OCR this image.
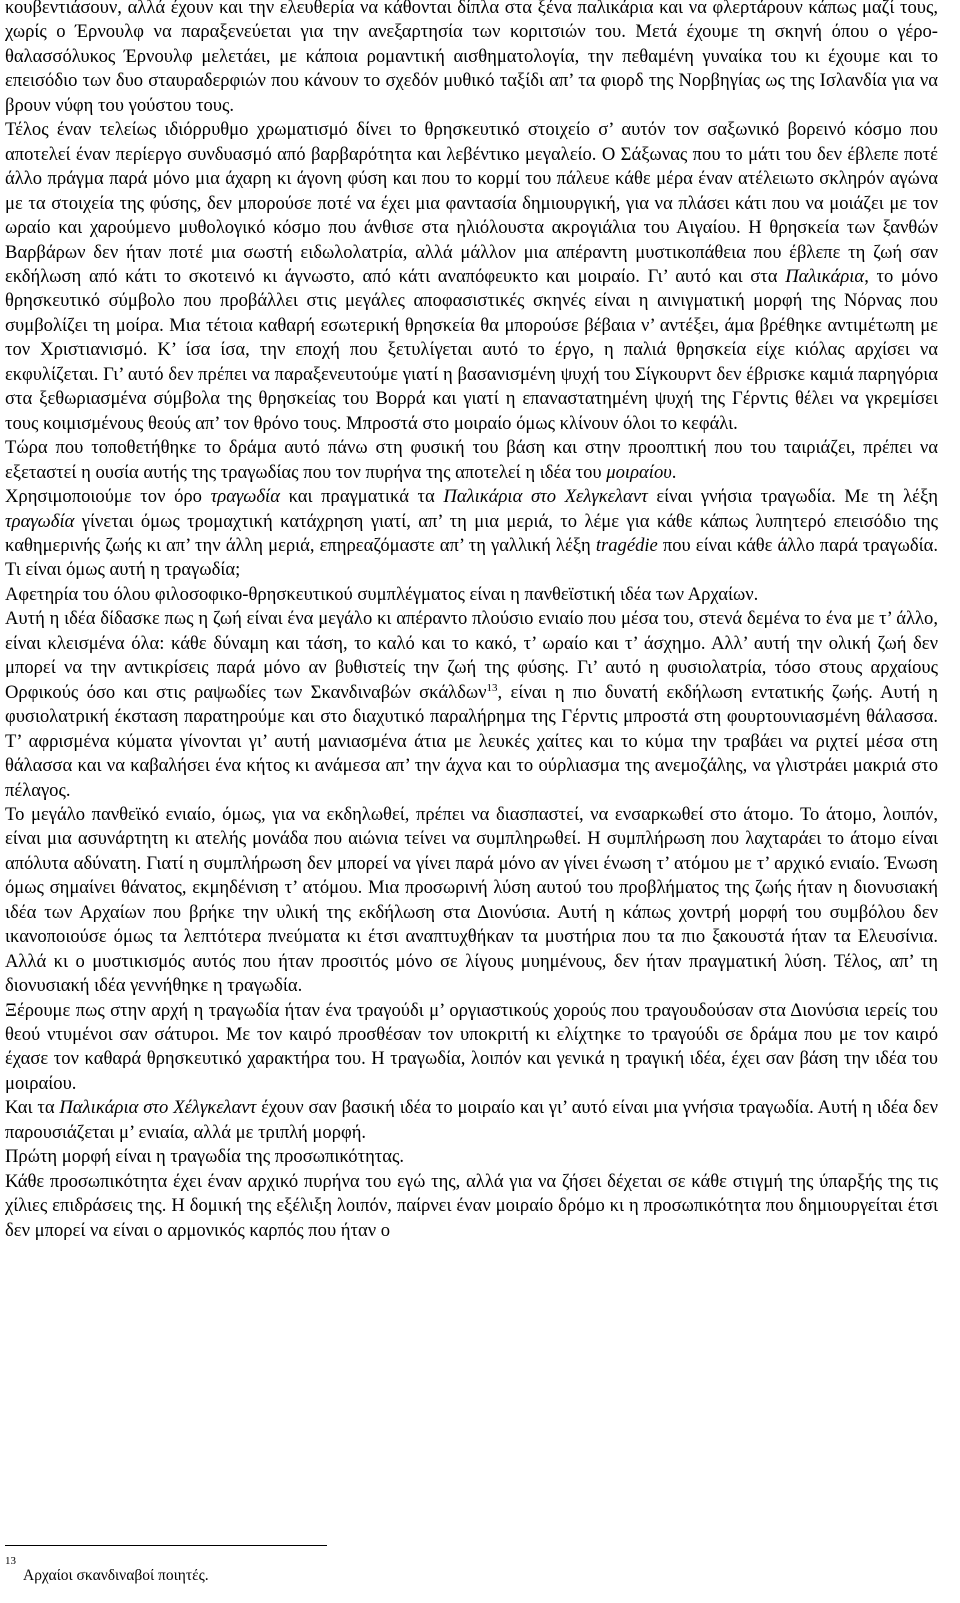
κουβεντιάσουν, αλλά έχουν και την ελευθερία να κάθονται δίπλα στα ξένα παλικάρια και να φλερτάρουν κάπως μαζί τους, χωρίς ο Έρνουλφ να παραξενεύεται για την ανεξαρτησία των κοριτσιών του. Μετά έχουμε τη σκηνή όπου ο γέρο-θαλασσόλυκος Έρνουλφ μελετάει, με κάποια ρομαντική αισθηματολογία, την πεθαμένη γυναίκα του κι έχουμε και το επεισόδιο των δυο σταυραδερφιών που κάνουν το σχεδόν μυθικό ταξίδι απ’ τα φιορδ της Νορβηγίας ως της Ισλανδία για να βρουν νύφη του γούστου τους.

Τέλος έναν τελείως ιδιόρρυθμο χρωματισμό δίνει το θρησκευτικό στοιχείο σ’ αυτόν τον σαξωνικό βορεινό κόσμο που αποτελεί έναν περίεργο συνδυασμό από βαρβαρότητα και λεβέντικο μεγαλείο. Ο Σάξωνας που το μάτι του δεν έβλεπε ποτέ άλλο πράγμα παρά μόνο μια άχαρη κι άγονη φύση και που το κορμί του πάλευε κάθε μέρα έναν ατέλειωτο σκληρόν αγώνα με τα στοιχεία της φύσης, δεν μπορούσε ποτέ να έχει μια φαντασία δημιουργική, για να πλάσει κάτι που να μοιάζει με τον ωραίο και χαρούμενο μυθολογικό κόσμο που άνθισε στα ηλιόλουστα ακρογιάλια του Αιγαίου. Η θρησκεία των ξανθών Βαρβάρων δεν ήταν ποτέ μια σωστή ειδωλολατρία, αλλά μάλλον μια απέραντη μυστικοπάθεια που έβλεπε τη ζωή σαν εκδήλωση από κάτι το σκοτεινό κι άγνωστο, από κάτι αναπόφευκτο και μοιραίο. Γι’ αυτό και στα Παλικάρια, το μόνο θρησκευτικό σύμβολο που προβάλλει στις μεγάλες αποφασιστικές σκηνές είναι η αινιγματική μορφή της Νόρνας που συμβολίζει τη μοίρα. Μια τέτοια καθαρή εσωτερική θρησκεία θα μπορούσε βέβαια ν’ αντέξει, άμα βρέθηκε αντιμέτωπη με τον Χριστιανισμό. Κ’ ίσα ίσα, την εποχή που ξετυλίγεται αυτό το έργο, η παλιά θρησκεία είχε κιόλας αρχίσει να εκφυλίζεται. Γι’ αυτό δεν πρέπει να παραξενευτούμε γιατί η βασανισμένη ψυχή του Σίγκουρντ δεν έβρισκε καμιά παρηγόρια στα ξεθωριασμένα σύμβολα της θρησκείας του Βορρά και γιατί η επαναστατημένη ψυχή της Γέρντις θέλει να γκρεμίσει τους κοιμισμένους θεούς απ’ τον θρόνο τους. Μπροστά στο μοιραίο όμως κλίνουν όλοι το κεφάλι.

Τώρα που τοποθετήθηκε το δράμα αυτό πάνω στη φυσική του βάση και στην προοπτική που του ταιριάζει, πρέπει να εξεταστεί η ουσία αυτής της τραγωδίας που τον πυρήνα της αποτελεί η ιδέα του μοιραίου.

Χρησιμοποιούμε τον όρο τραγωδία και πραγματικά τα Παλικάρια στο Χελγκελαντ είναι γνήσια τραγωδία. Με τη λέξη τραγωδία γίνεται όμως τρομαχτική κατάχρηση γιατί, απ’ τη μια μεριά, το λέμε για κάθε κάπως λυπητερό επεισόδιο της καθημερινής ζωής κι απ’ την άλλη μεριά, επηρεαζόμαστε απ’ τη γαλλική λέξη tragédie που είναι κάθε άλλο παρά τραγωδία. Τι είναι όμως αυτή η τραγωδία;

Αφετηρία του όλου φιλοσοφικο-θρησκευτικού συμπλέγματος είναι η πανθεϊστική ιδέα των Αρχαίων.

Αυτή η ιδέα δίδασκε πως η ζωή είναι ένα μεγάλο κι απέραντο πλούσιο ενιαίο που μέσα του, στενά δεμένα το ένα με τ’ άλλο, είναι κλεισμένα όλα: κάθε δύναμη και τάση, το καλό και το κακό, τ’ ωραίο και τ’ άσχημο. Αλλ’ αυτή την ολική ζωή δεν μπορεί να την αντικρίσεις παρά μόνο αν βυθιστείς την ζωή της φύσης. Γι’ αυτό η φυσιολατρία, τόσο στους αρχαίους Ορφικούς όσο και στις ραψωδίες των Σκανδιναβών σκάλδων$^{13}$, είναι η πιο δυνατή εκδήλωση εντατικής ζωής. Αυτή η φυσιολατρική έκσταση παρατηρούμε και στο διαχυτικό παραλήρημα της Γέρντις μπροστά στη φουρτουνιασμένη θάλασσα. Τ’ αφρισμένα κύματα γίνονται γι’ αυτή μανιασμένα άτια με λευκές χαίτες και το κύμα την τραβάει να ριχτεί μέσα στη θάλασσα και να καβαλήσει ένα κήτος κι ανάμεσα απ’ την άχνα και το ούρλιασμα της ανεμοζάλης, να γλιστράει μακριά στο πέλαγος.

Το μεγάλο πανθεϊκό ενιαίο, όμως, για να εκδηλωθεί, πρέπει να διασπαστεί, να ενσαρκωθεί στο άτομο. Το άτομο, λοιπόν, είναι μια ασυνάρτητη κι ατελής μονάδα που αιώνια τείνει να συμπληρωθεί. Η συμπλήρωση που λαχταράει το άτομο είναι απόλυτα αδύνατη. Γιατί η συμπλήρωση δεν μπορεί να γίνει παρά μόνο αν γίνει ένωση τ’ ατόμου με τ’ αρχικό ενιαίο. Ένωση όμως σημαίνει θάνατος, εκμηδένιση τ’ ατόμου. Μια προσωρινή λύση αυτού του προβλήματος της ζωής ήταν η διονυσιακή ιδέα των Αρχαίων που βρήκε την υλική της εκδήλωση στα Διονύσια. Αυτή η κάπως χοντρή μορφή του συμβόλου δεν ικανοποιούσε όμως τα λεπτότερα πνεύματα κι έτσι αναπτυχθήκαν τα μυστήρια που τα πιο ξακουστά ήταν τα Ελευσίνια. Αλλά κι ο μυστικισμός αυτός που ήταν προσιτός μόνο σε λίγους μυημένους, δεν ήταν πραγματική λύση. Τέλος, απ’ τη διονυσιακή ιδέα γεννήθηκε η τραγωδία.

Ξέρουμε πως στην αρχή η τραγωδία ήταν ένα τραγούδι μ’ οργιαστικούς χορούς που τραγουδούσαν στα Διονύσια ιερείς του θεού ντυμένοι σαν σάτυροι. Με τον καιρό προσθέσαν τον υποκριτή κι ελίχτηκε το τραγούδι σε δράμα που με τον καιρό έχασε τον καθαρά θρησκευτικό χαρακτήρα του. Η τραγωδία, λοιπόν και γενικά η τραγική ιδέα, έχει σαν βάση την ιδέα του μοιραίου.

Και τα Παλικάρια στο Χέλγκελαντ έχουν σαν βασική ιδέα το μοιραίο και γι’ αυτό είναι μια γνήσια τραγωδία. Αυτή η ιδέα δεν παρουσιάζεται μ’ ενιαία, αλλά με τριπλή μορφή.

Πρώτη μορφή είναι η τραγωδία της προσωπικότητας.

Κάθε προσωπικότητα έχει έναν αρχικό πυρήνα του εγώ της, αλλά για να ζήσει δέχεται σε κάθε στιγμή της ύπαρξής της τις χίλιες επιδράσεις της. Η δομική της εξέλιξη λοιπόν, παίρνει έναν μοιραίο δρόμο κι η προσωπικότητα που δημιουργείται έτσι δεν μπορεί να είναι ο αρμονικός καρπός που ήταν ο

13
Αρχαίοι σκανδιναβοί ποιητές.
